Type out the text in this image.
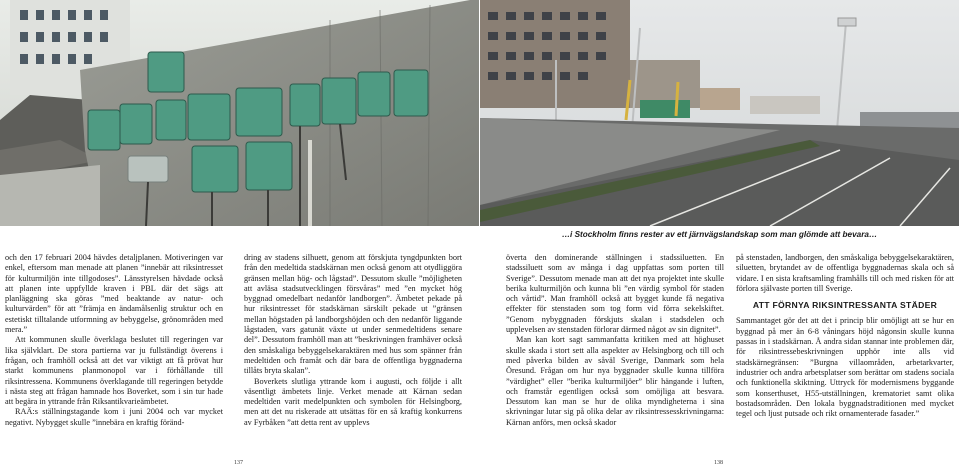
…i Stockholm finns rester av ett järnvägslandskap som man glömde att bevara…

och den 17 februari 2004 hävdes detaljplanen. Motiveringen var enkel, eftersom man menade att planen ”innebär att riksintresset för kulturmiljön inte tillgodoses”. Länsstyrelsen hävdade också att planen inte uppfyllde kraven i PBL där det sägs att planläggning ska göras ”med beaktande av natur- och kulturvärden” för att ”främja en ändamålsenlig struktur och en estetiskt tilltalande utformning av bebyggelse, grönområden med mera.”

Att kommunen skulle överklaga beslutet till regeringen var lika självklart. De stora partierna var ju fullständigt överens i frågan, och framhöll också att det var viktigt att få prövat hur starkt kommunens planmonopol var i förhållande till riksintressena. Kommunens överklagande till regeringen betydde i nästa steg att frågan hamnade hos Boverket, som i sin tur hade att begära in yttrande från Riksantikvarieämbetet.

RAÄ:s ställningstagande kom i juni 2004 och var mycket negativt. Nybygget skulle ”innebära en kraftig föränd-

dring av stadens silhuett, genom att förskjuta tyngdpunkten bort från den medeltida stadskärnan men också genom att otydliggöra gränsen mellan hög- och lågstad”. Dessutom skulle ”möjligheten att avläsa stadsutvecklingen försvåras” med ”en mycket hög byggnad omedelbart nedanför landborgen”. Ämbetet pekade på hur riksintresset för stadskärnan särskilt pekade ut ”gränsen mellan högstaden på landborgshöjden och den nedanför liggande lågstaden, vars gatunät växte ut under senmedeltidens senare del”. Dessutom framhöll man att ”beskrivningen framhäver också den småskaliga bebyggelsekaraktären med hus som spänner från medeltiden och framåt och där bara de offentliga byggnaderna tillåts bryta skalan”.

Boverkets slutliga yttrande kom i augusti, och följde i allt väsentligt ämbetets linje. Verket menade att Kärnan sedan medeltiden varit medelpunkten och symbolen för Helsingborg, men att det nu riskerade att utsättas för en så kraftig konkurrens av Fyrbåken ”att detta rent av upplevs

överta den dominerande ställningen i stadssiluetten. En stadssiluett som av många i dag uppfattas som porten till Sverige”. Dessutom menade man att det nya projektet inte skulle berika kulturmiljön och kunna bli ”en värdig symbol för staden och vårtid”. Man framhöll också att bygget kunde få negativa effekter för stenstaden som tog form vid förra sekelskiftet. ”Genom nybyggnaden förskjuts skalan i stadsdelen och upplevelsen av stenstaden förlorar därmed något av sin dignitet”.

Man kan kort sagt sammanfatta kritiken med att höghuset skulle skada i stort sett alla aspekter av Helsingborg och till och med påverka bilden av såväl Sverige, Danmark som hela Öresund. Frågan om hur nya byggnader skulle kunna tillföra ”värdighet” eller ”berika kulturmiljöer” blir hängande i luften, och framstår egentligen också som omöjliga att besvara. Dessutom kan man se hur de olika myndigheterna i sina skrivningar lutar sig på olika delar av riksintressesskrivningarna: Kärnan anförs, men också skador

på stenstaden, landborgen, den småskaliga bebyggelsekaraktären, siluetten, brytandet av de offentliga byggnadernas skala och så vidare. I en sista kraftsamling framhålls till och med risken för att förlora självaste porten till Sverige.

ATT FÖRNYA RIKSINTRESSANTA STÄDER

Sammantaget gör det att det i princip blir omöjligt att se hur en byggnad på mer än 6-8 våningars höjd någonsin skulle kunna passas in i stadskärnan. Å andra sidan stannar inte problemen där, för riksintressebeskrivningen upphör inte alls vid stadskärnegränsen: ”Burgna villaområden, arbetarkvarter, industrier och andra arbetsplatser som berättar om stadens sociala och funktionella skiktning. Uttryck för modernismens byggande som konserthuset, H55-utställningen, krematoriet samt olika bostadsområden. Den lokala byggnadstraditionen med mycket tegel och ljust putsade och rikt ornamenterade fasader.”

137	138
